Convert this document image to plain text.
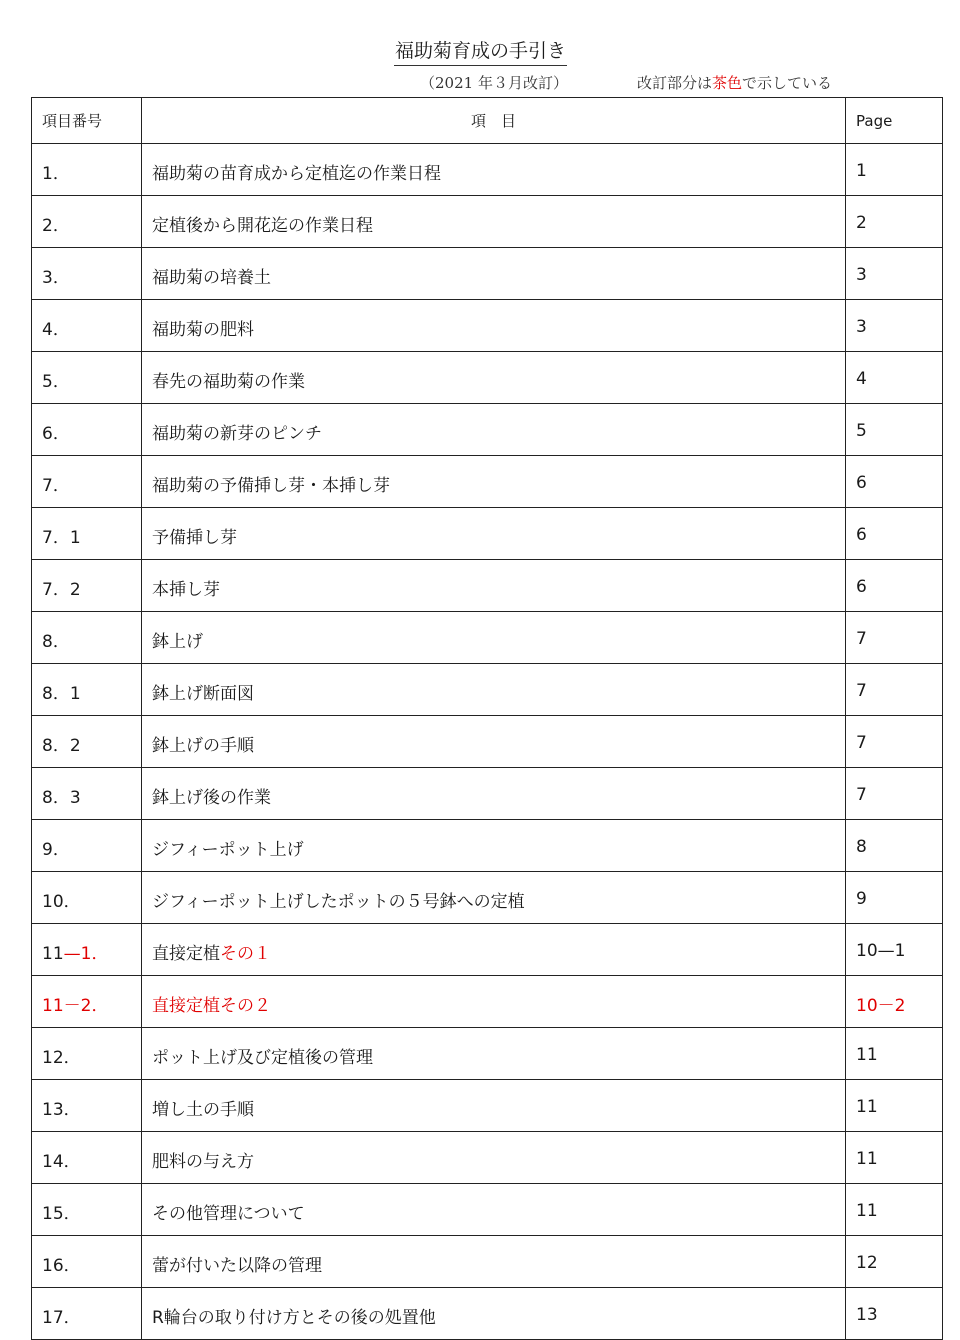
福助菊育成の手引き
（2021 年３月改訂）	改訂部分は茶色で示している
項目番号	項　目	Page
1．	福助菊の苗育成から定植迄の作業日程	1
2．	定植後から開花迄の作業日程	2
3．	福助菊の培養土	3
4．	福助菊の肥料	3
5．	春先の福助菊の作業	4
6．	福助菊の新芽のピンチ	5
7．	福助菊の予備挿し芽・本挿し芽	6
7．1	予備挿し芽	6
7．2	本挿し芽	6
8．	鉢上げ	7
8．1	鉢上げ断面図	7
8．2	鉢上げの手順	7
8．3	鉢上げ後の作業	7
9．	ジフィーポット上げ	8
10．	ジフィーポット上げしたポットの５号鉢への定植	9
11—1．	直接定植その１	10—1
11－2．	直接定植その２	10－2
12．	ポット上げ及び定植後の管理	11
13．	増し土の手順	11
14．	肥料の与え方	11
15．	その他管理について	11
16．	蕾が付いた以降の管理	12
17．	R輪台の取り付け方とその後の処置他	13
